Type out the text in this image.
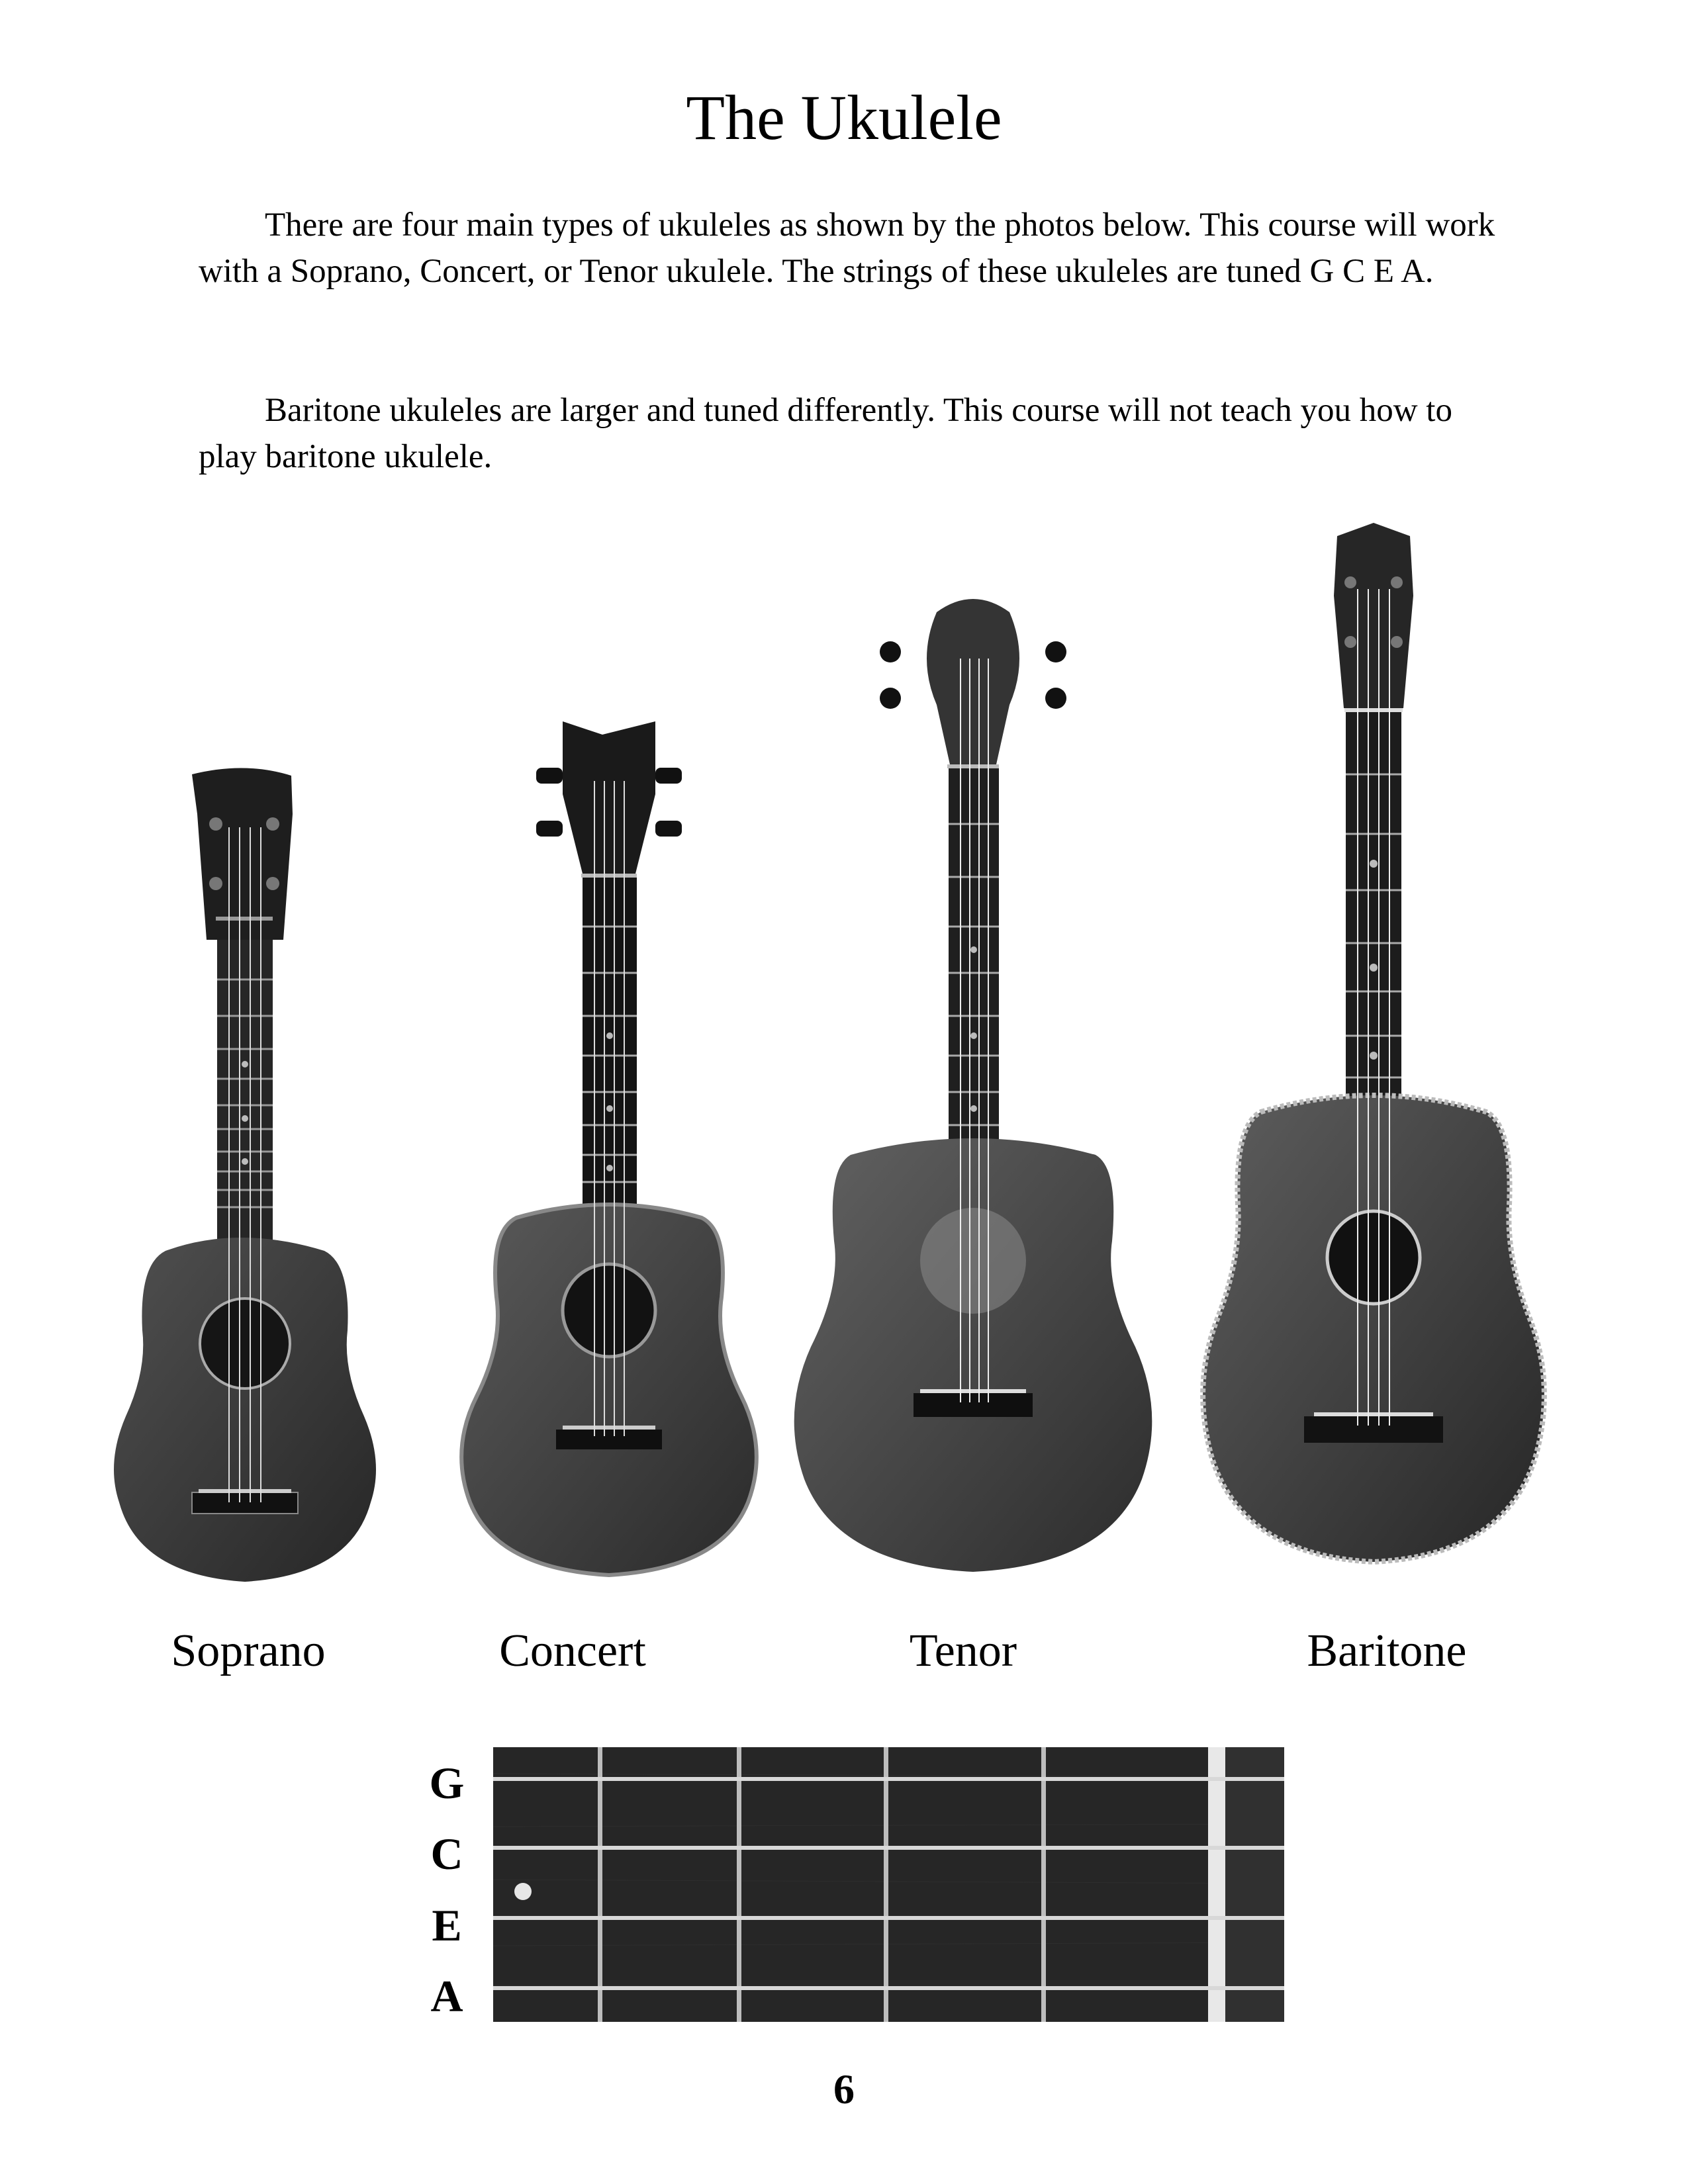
The Ukulele

There are four main types of ukuleles as shown by the photos below. This course will work with a Soprano, Concert, or Tenor ukulele. The strings of these ukuleles are tuned G C E A.

Baritone ukuleles are larger and tuned differently. This course will not teach you how to play baritone ukulele.

Soprano	Concert	Tenor	Baritone
G
C
E
A
6
